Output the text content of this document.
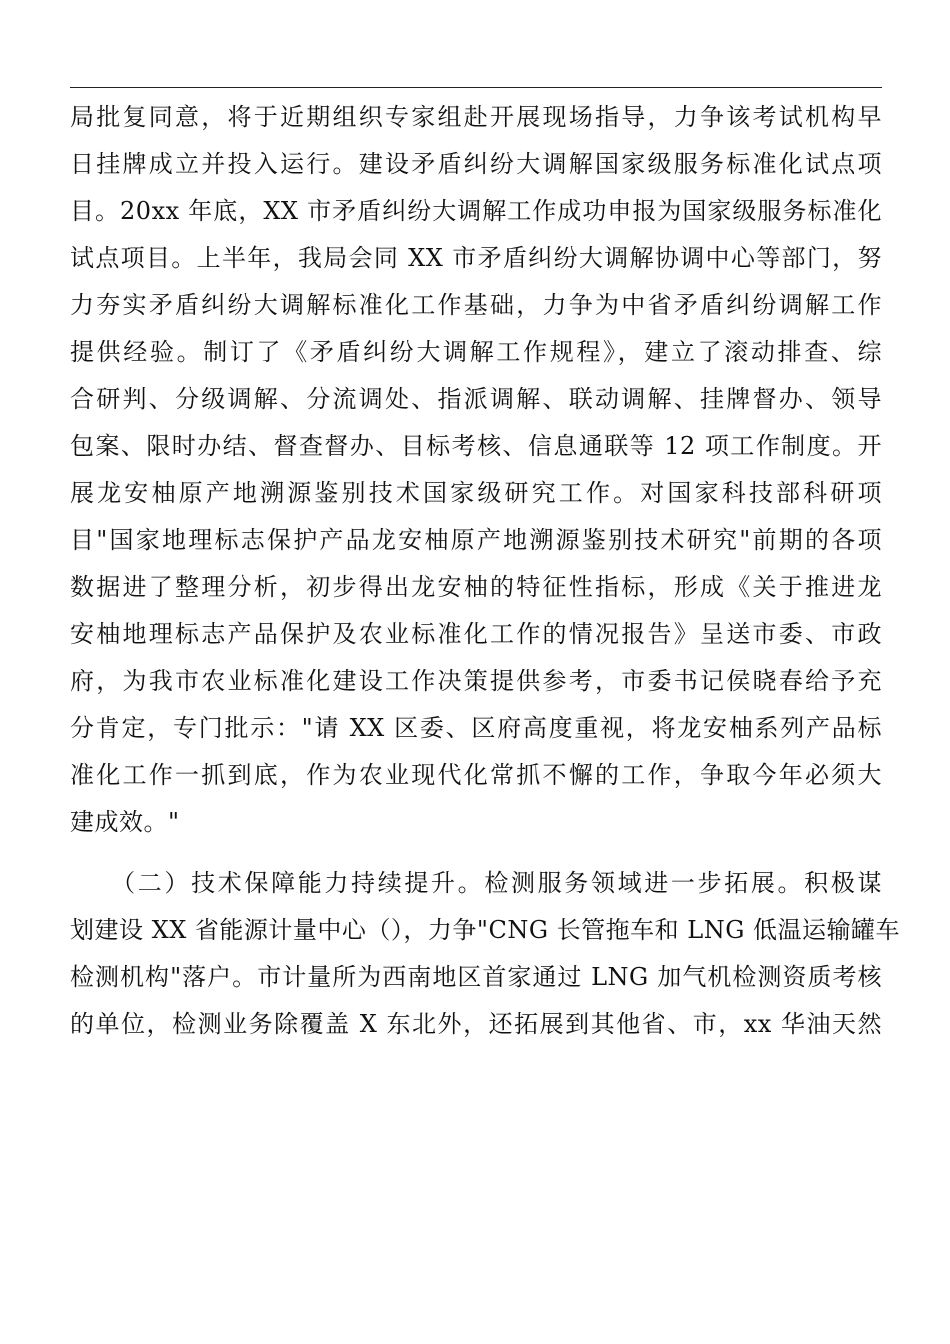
局批复同意，将于近期组织专家组赴开展现场指导，力争该考试机构早
日挂牌成立并投入运行。建设矛盾纠纷大调解国家级服务标准化试点项
目。20xx 年底，XX 市矛盾纠纷大调解工作成功申报为国家级服务标准化
试点项目。上半年，我局会同 XX 市矛盾纠纷大调解协调中心等部门，努
力夯实矛盾纠纷大调解标准化工作基础，力争为中省矛盾纠纷调解工作
提供经验。制订了《矛盾纠纷大调解工作规程》，建立了滚动排查、综
合研判、分级调解、分流调处、指派调解、联动调解、挂牌督办、领导
包案、限时办结、督查督办、目标考核、信息通联等 12 项工作制度。开
展龙安柚原产地溯源鉴别技术国家级研究工作。对国家科技部科研项
目"国家地理标志保护产品龙安柚原产地溯源鉴别技术研究"前期的各项
数据进了整理分析，初步得出龙安柚的特征性指标，形成《关于推进龙
安柚地理标志产品保护及农业标准化工作的情况报告》呈送市委、市政
府，为我市农业标准化建设工作决策提供参考，市委书记侯晓春给予充
分肯定，专门批示："请 XX 区委、区府高度重视，将龙安柚系列产品标
准化工作一抓到底，作为农业现代化常抓不懈的工作，争取今年必须大
建成效。"
（二）技术保障能力持续提升。检测服务领域进一步拓展。积极谋
划建设 XX 省能源计量中心（），力争"CNG 长管拖车和 LNG 低温运输罐车
检测机构"落户。市计量所为西南地区首家通过 LNG 加气机检测资质考核
的单位，检测业务除覆盖 X 东北外，还拓展到其他省、市，xx 华油天然
